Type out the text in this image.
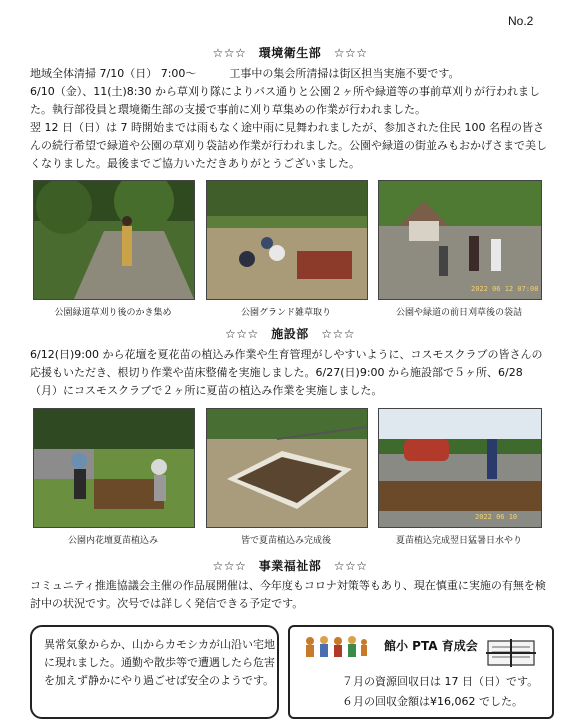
No.2
☆☆☆　環境衛生部　☆☆☆

地域全体清掃 7/10（日） 7:00～　　　工事中の集会所清掃は街区担当実施不要です。
6/10（金）、11(土)8:30 から草刈り隊によりバス通りと公園２ヶ所や緑道等の事前草刈りが行われました。執行部役員と環境衛生部の支援で事前に刈り草集めの作業が行われました。
翌 12 日（日）は 7 時開始までは雨もなく途中雨に見舞われましたが、参加された住民 100 名程の皆さんの続行希望で緑道や公園の草刈り袋詰め作業が行われました。公園や緑道の街並みもおかげさまで美しくなりました。最後までご協力いただきありがとうございました。

2022 06 12 07:08
公園緑道草刈り後のかき集め	公園グランド雑草取り	公園や緑道の前日刈草後の袋詰
☆☆☆　施設部　☆☆☆

6/12(日)9:00 から花壇を夏花苗の植込み作業や生育管理がしやすいように、コスモスクラブの皆さんの応援もいただき、根切り作業や苗床整備を実施しました。6/27(日)9:00 から施設部で５ヶ所、6/28（月）にコスモスクラブで２ヶ所に夏苗の植込み作業を実施しました。

2022 06 10
公園内花壇夏苗植込み	皆で夏苗植込み完成後	夏苗植込完成翌日猛暑日水やり
☆☆☆　事業福祉部　☆☆☆

コミュニティ推進協議会主催の作品展開催は、今年度もコロナ対策等もあり、現在慎重に実施の有無を検討中の状況です。次号では詳しく発信できる予定です。

異常気象からか、山からカモシカが山沿い宅地に現れました。通勤や散歩等で遭遇したら危害を加えず静かにやり過ごせば安全のようです。

館小 PTA 育成会
７月の資源回収日は 17 日（日）です。
６月の回収金額は¥16,062 でした。
